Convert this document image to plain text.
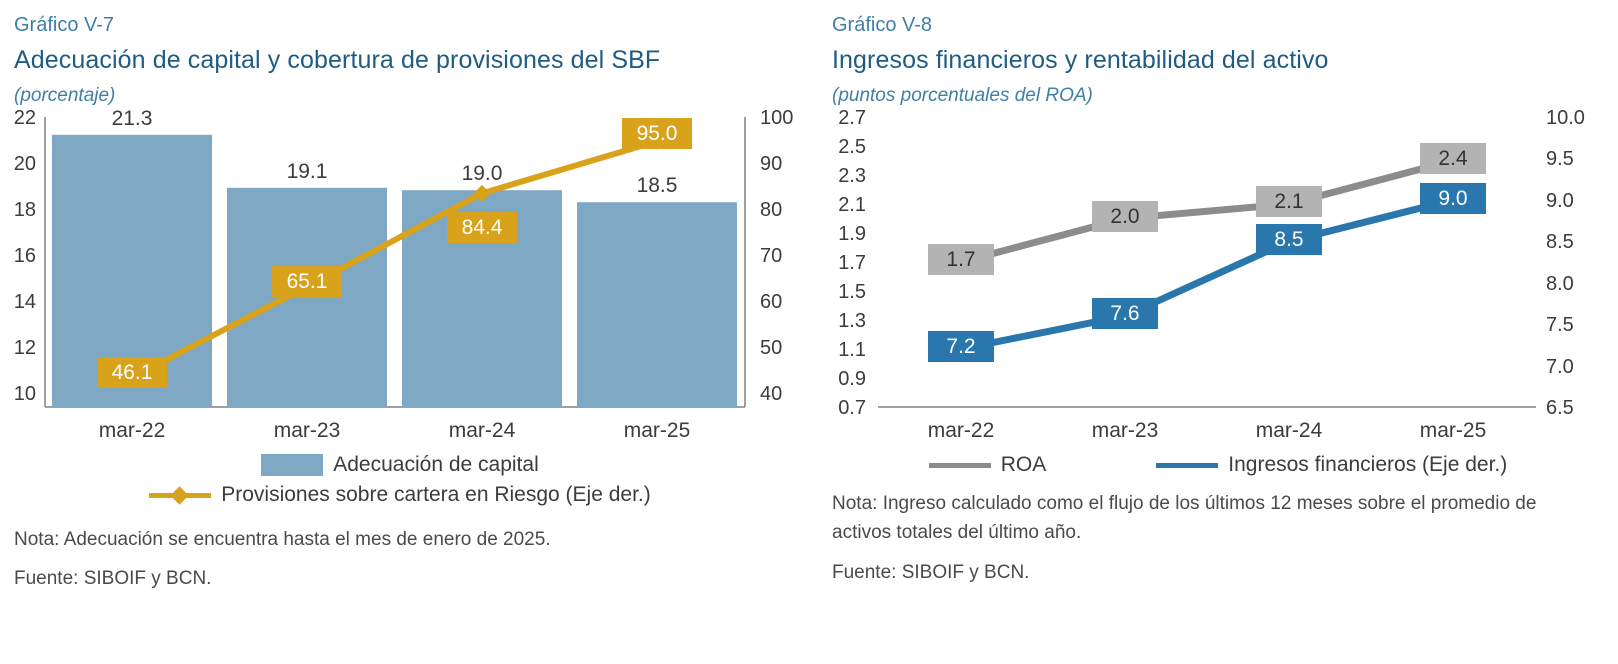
Gráfico V-7
Adecuación de capital y cobertura de provisiones del SBF
(porcentaje)
22
20
18
16
14
12
10
100
90
80
70
60
50
40
21.3
19.1	19.0
18.5
46.1
65.1
84.4
95.0
mar-22	mar-23	mar-24	mar-25
Adecuación de capital
Provisiones sobre cartera en Riesgo (Eje der.)
Nota: Adecuación se encuentra hasta el mes de enero de 2025.
Fuente: SIBOIF y BCN.
Gráfico V-8
Ingresos financieros y rentabilidad del activo
(puntos porcentuales del ROA)
2.7
2.5
2.3
2.1
1.9
1.7
1.5
1.3
1.1
0.9
0.7
10.0
9.5
9.0
8.5
8.0
7.5
7.0
6.5
1.7
2.0
2.1
2.4
7.2
7.6
8.5
9.0
mar-22	mar-23	mar-24	mar-25
ROA	Ingresos financieros (Eje der.)
Nota: Ingreso calculado como el flujo de los últimos 12 meses sobre el promedio de activos totales del último año.
Fuente: SIBOIF y BCN.
